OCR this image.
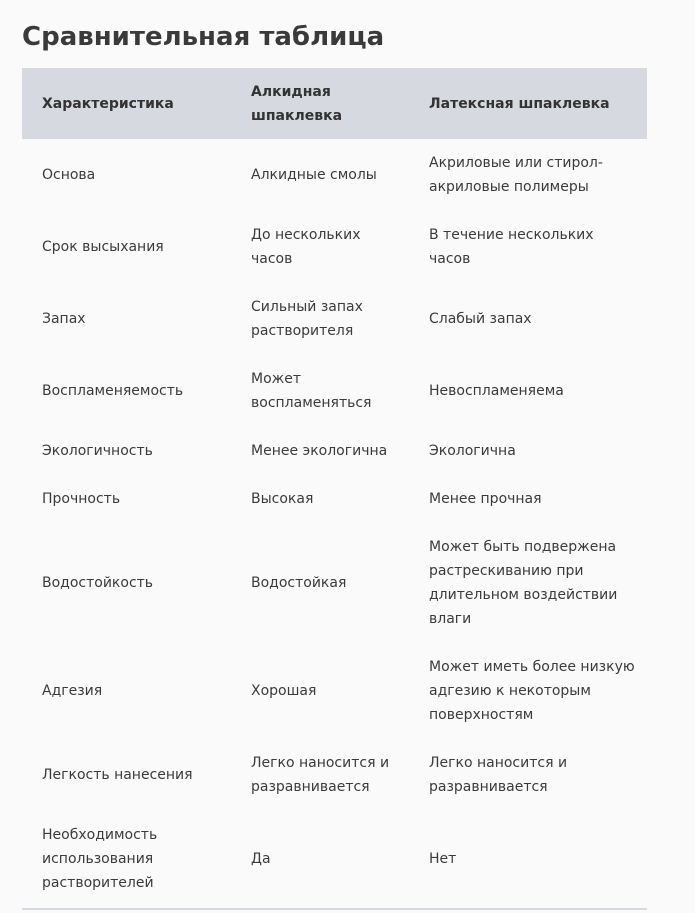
Сравнительная таблица
Характеристика	Алкидная шпаклевка	Латексная шпаклевка
Основа	Алкидные смолы	Акриловые или стирол-акриловые полимеры
Срок высыхания	До нескольких часов	В течение нескольких часов
Запах	Сильный запах растворителя	Слабый запах
Воспламеняемость	Может воспламеняться	Невоспламеняема
Экологичность	Менее экологична	Экологична
Прочность	Высокая	Менее прочная
Водостойкость	Водостойкая	Может быть подвержена растрескиванию при длительном воздействии влаги
Адгезия	Хорошая	Может иметь более низкую адгезию к некоторым поверхностям
Легкость нанесения	Легко наносится и разравнивается	Легко наносится и разравнивается
Необходимость использования растворителей	Да	Нет
